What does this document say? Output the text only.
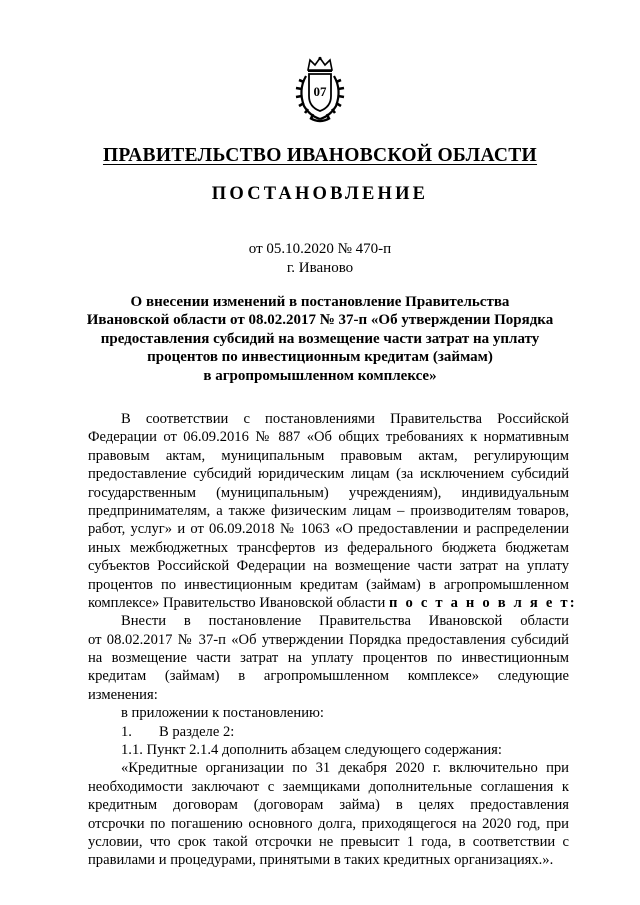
07
ПРАВИТЕЛЬСТВО ИВАНОВСКОЙ ОБЛАСТИ
ПОСТАНОВЛЕНИЕ
от 05.10.2020 № 470-п
г. Иваново
О внесении изменений в постановление Правительства
Ивановской области от 08.02.2017 № 37-п «Об утверждении Порядка
предоставления субсидий на возмещение части затрат на уплату
процентов по инвестиционным кредитам (займам)
в агропромышленном комплексе»
В соответствии с постановлениями Правительства Российской
Федерации от 06.09.2016 № 887 «Об общих требованиях к нормативным
правовым актам, муниципальным правовым актам, регулирующим
предоставление субсидий юридическим лицам (за исключением субсидий
государственным (муниципальным) учреждениям), индивидуальным
предпринимателям, а также физическим лицам – производителям товаров,
работ, услуг» и от 06.09.2018 № 1063 «О предоставлении и распределении
иных межбюджетных трансфертов из федерального бюджета бюджетам
субъектов Российской Федерации на возмещение части затрат на уплату
процентов по инвестиционным кредитам (займам) в агропромышленном
комплексе» Правительство Ивановской области п о с т а н о в л я е т:
Внести в постановление Правительства Ивановской области
от 08.02.2017 № 37-п «Об утверждении Порядка предоставления субсидий
на возмещение части затрат на уплату процентов по инвестиционным
кредитам (займам) в агропромышленном комплексе» следующие
изменения:
в приложении к постановлению:
1. В разделе 2:
1.1. Пункт 2.1.4 дополнить абзацем следующего содержания:
«Кредитные организации по 31 декабря 2020 г. включительно при
необходимости заключают с заемщиками дополнительные соглашения к
кредитным договорам (договорам займа) в целях предоставления
отсрочки по погашению основного долга, приходящегося на 2020 год, при
условии, что срок такой отсрочки не превысит 1 года, в соответствии с
правилами и процедурами, принятыми в таких кредитных организациях.».
